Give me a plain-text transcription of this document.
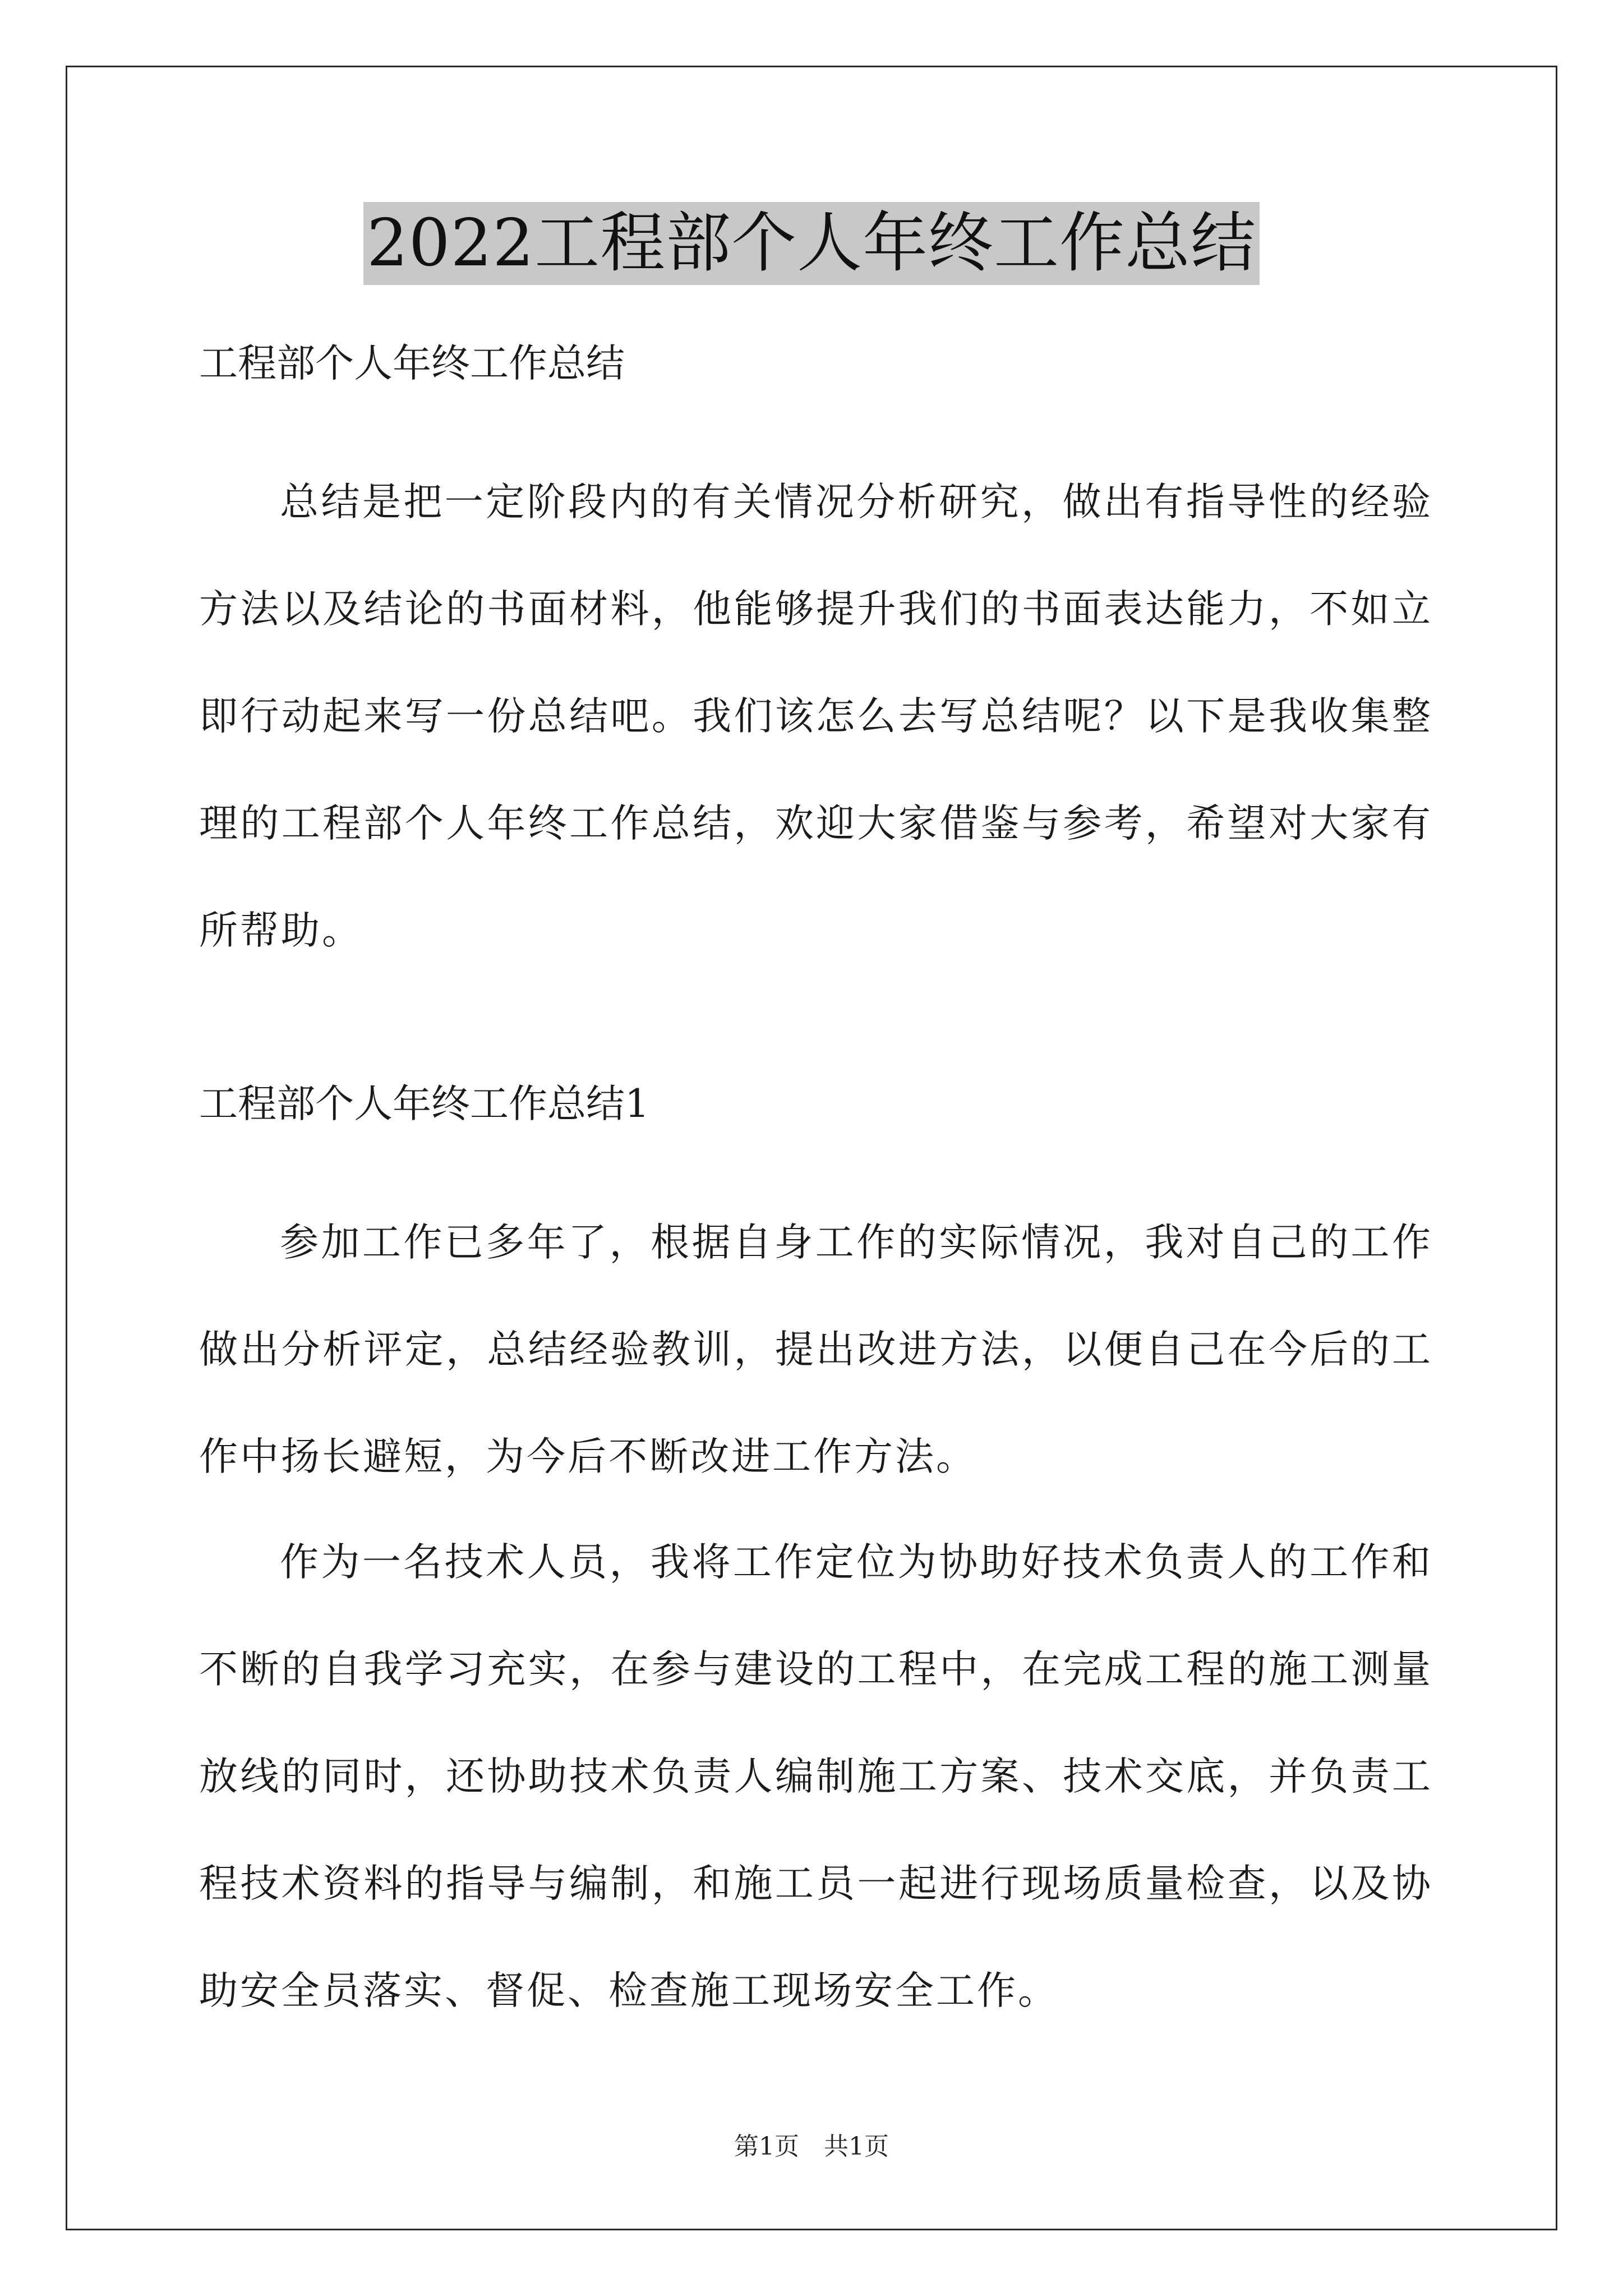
2022工程部个人年终工作总结

工程部个人年终工作总结

总结是把一定阶段内的有关情况分析研究，做出有指导性的经验方法以及结论的书面材料，他能够提升我们的书面表达能力，不如立即行动起来写一份总结吧。我们该怎么去写总结呢？以下是我收集整理的工程部个人年终工作总结，欢迎大家借鉴与参考，希望对大家有所帮助。

工程部个人年终工作总结1

参加工作已多年了，根据自身工作的实际情况，我对自己的工作做出分析评定，总结经验教训，提出改进方法，以便自己在今后的工作中扬长避短，为今后不断改进工作方法。

作为一名技术人员，我将工作定位为协助好技术负责人的工作和不断的自我学习充实，在参与建设的工程中，在完成工程的施工测量放线的同时，还协助技术负责人编制施工方案、技术交底，并负责工程技术资料的指导与编制，和施工员一起进行现场质量检查，以及协助安全员落实、督促、检查施工现场安全工作。

第1页　共1页
